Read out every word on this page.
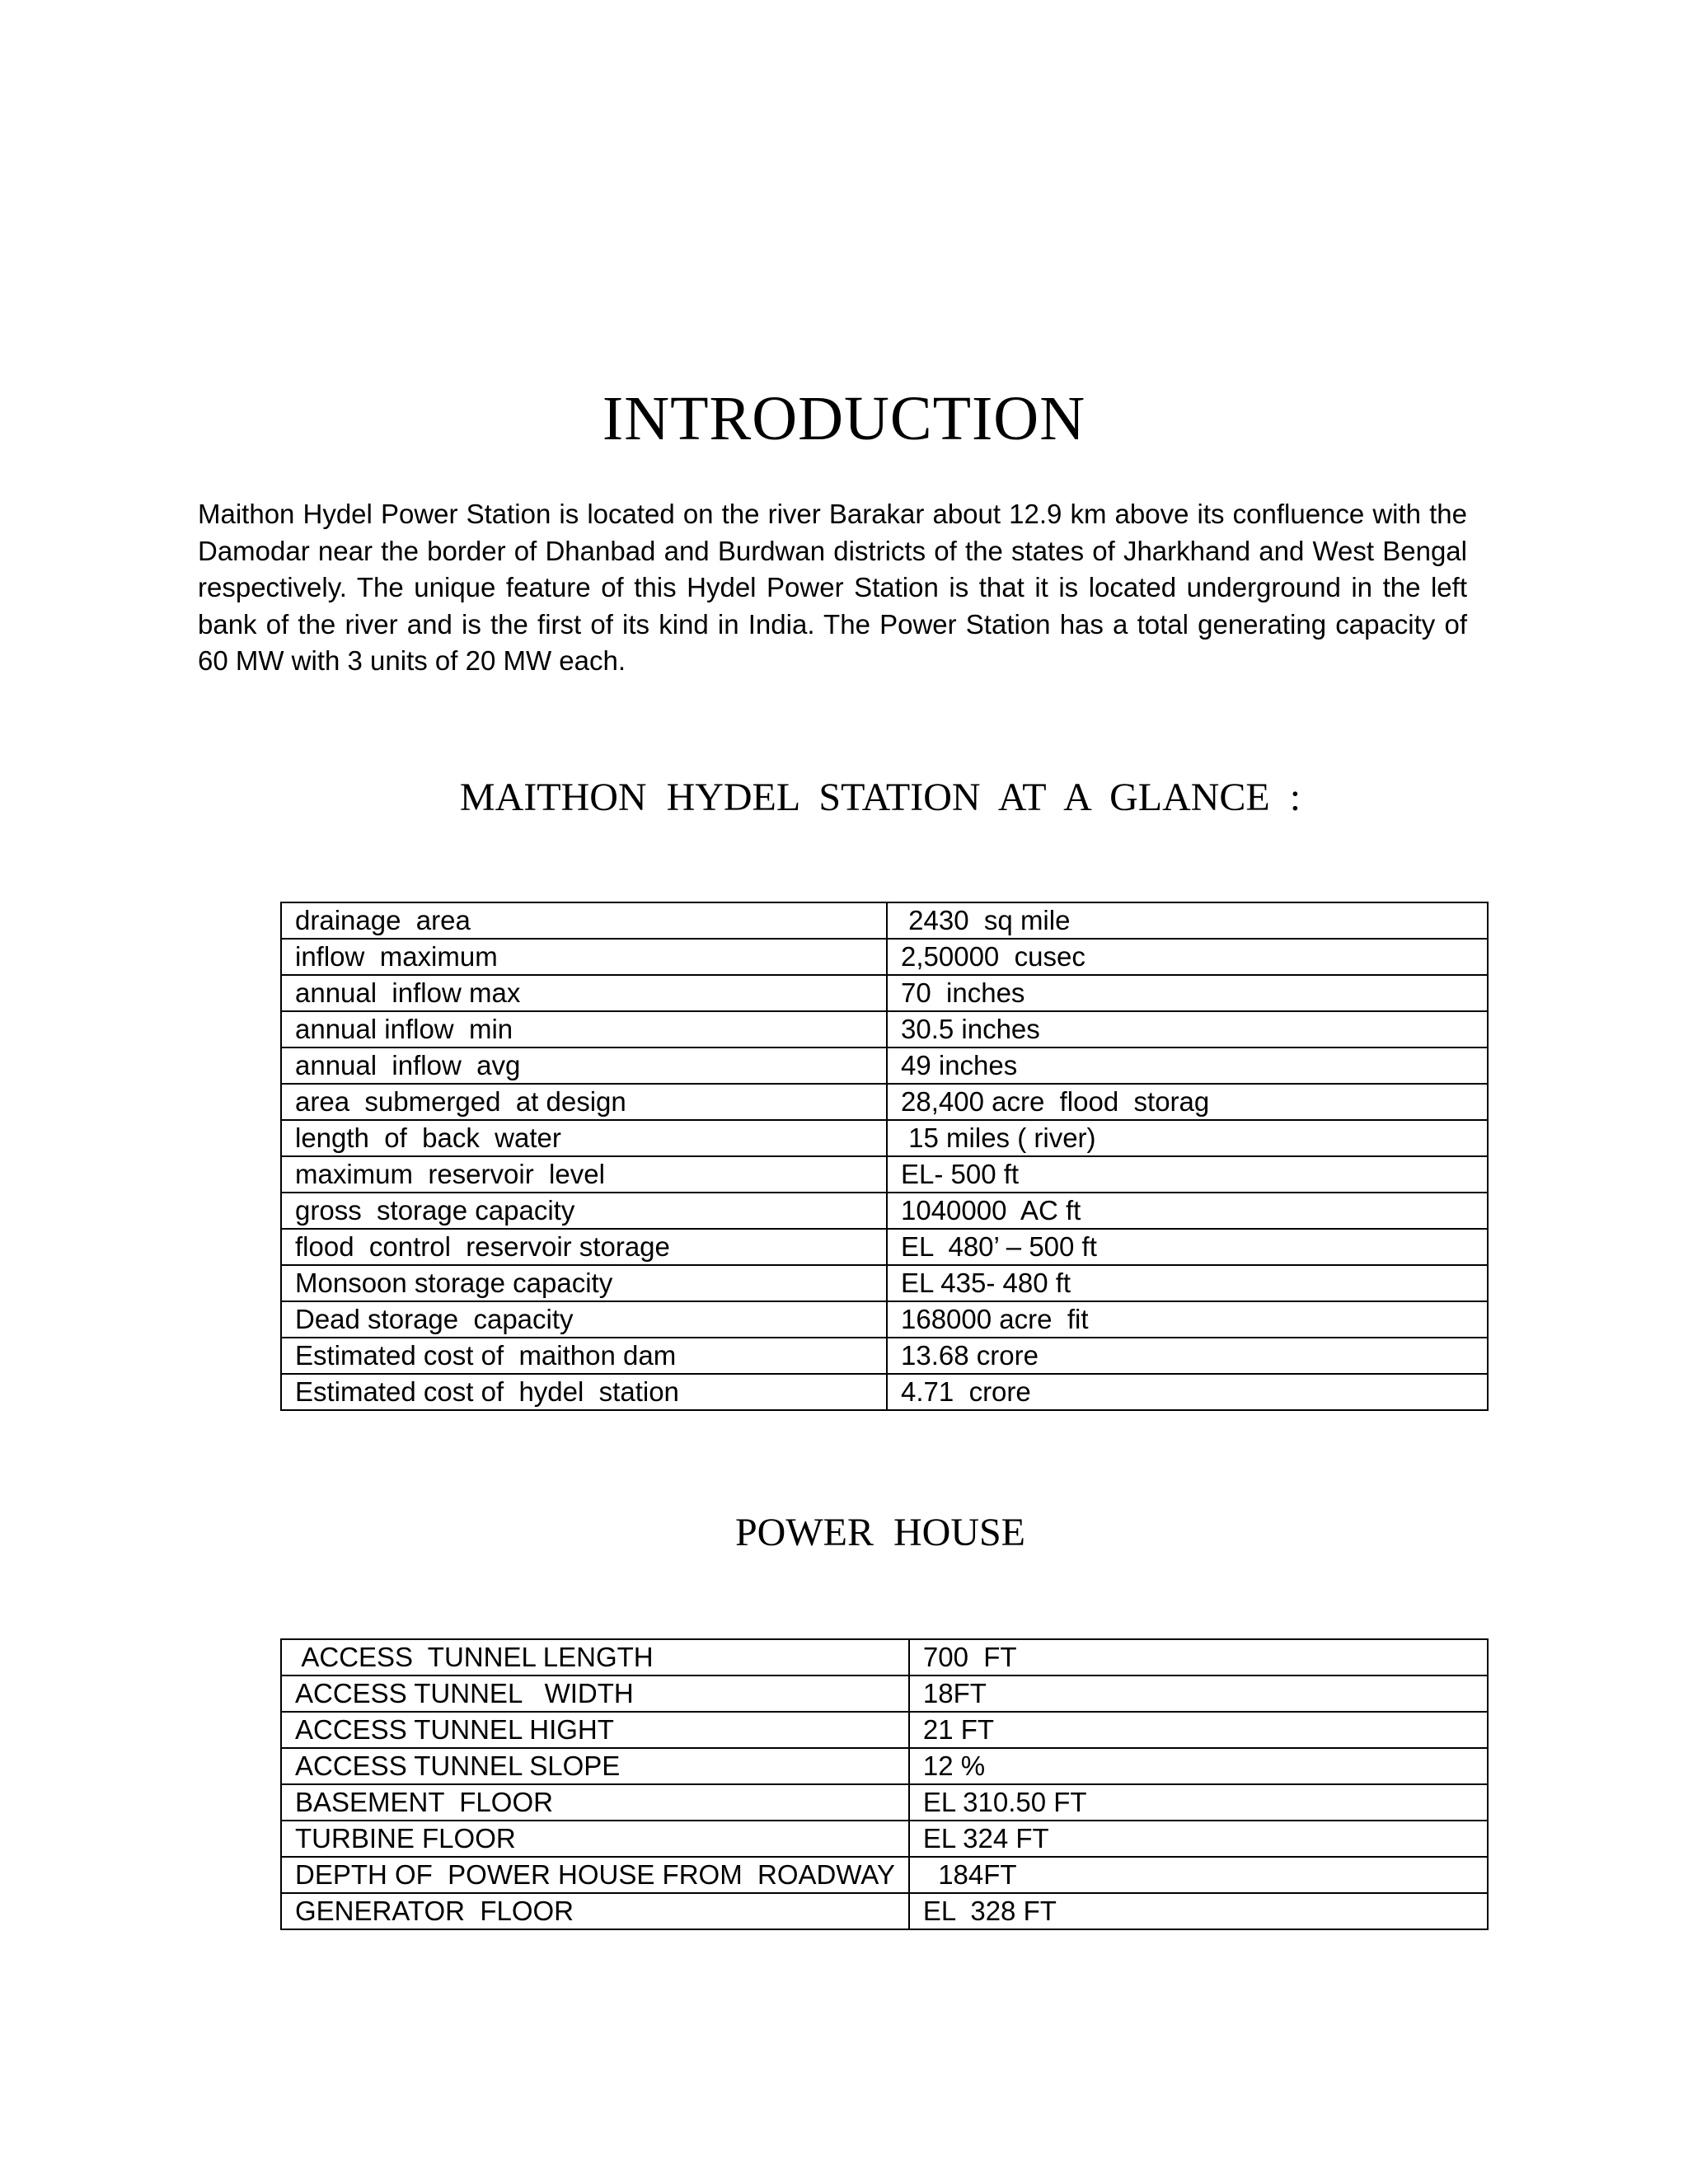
INTRODUCTION

Maithon Hydel Power Station is located on the river Barakar about 12.9 km above its confluence with the Damodar near the border of Dhanbad and Burdwan districts of the states of Jharkhand and West Bengal respectively. The unique feature of this Hydel Power Station is that it is located underground in the left bank of the river and is the first of its kind in India. The Power Station has a total generating capacity of 60 MW with 3 units of 20 MW each.

MAITHON HYDEL STATION AT A GLANCE :
drainage  area	2430  sq mile
inflow  maximum	2,50000  cusec
annual  inflow max	70  inches
annual inflow  min	30.5 inches
annual  inflow  avg	49 inches
area  submerged  at design	28,400 acre  flood  storag
length  of  back  water	15 miles ( river)
maximum  reservoir  level	EL- 500 ft
gross  storage capacity	1040000  AC ft
flood  control  reservoir storage	EL  480’ – 500 ft
Monsoon storage capacity	EL 435- 480 ft
Dead storage  capacity	168000 acre  fit
Estimated cost of  maithon dam	13.68 crore
Estimated cost of  hydel  station	4.71  crore
POWER HOUSE
ACCESS  TUNNEL LENGTH	700  FT
ACCESS TUNNEL   WIDTH	18FT
ACCESS TUNNEL HIGHT	21 FT
ACCESS TUNNEL SLOPE	12 %
BASEMENT  FLOOR	EL 310.50 FT
TURBINE FLOOR	EL 324 FT
DEPTH OF  POWER HOUSE FROM  ROADWAY	184FT
GENERATOR  FLOOR	EL  328 FT
